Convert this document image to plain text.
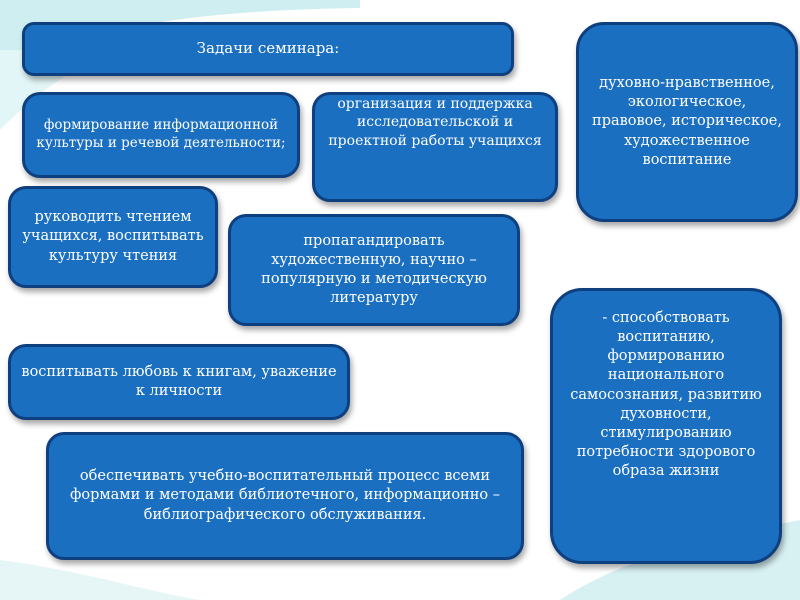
Задачи семинара:
формирование информационной культуры и речевой деятельности;
организация и поддержка исследовательской и проектной работы учащихся
духовно-нравственное, экологическое, правовое, историческое, художественное воспитание
руководить чтением учащихся, воспитывать культуру чтения
пропагандировать художественную, научно – популярную и методическую литературу
воспитывать любовь к книгам, уважение к личности
- способствовать воспитанию, формированию национального самосознания, развитию духовности, стимулированию потребности здорового образа жизни
обеспечивать учебно-воспитательный процесс всеми формами и методами библиотечного, информационно – библиографического обслуживания.
